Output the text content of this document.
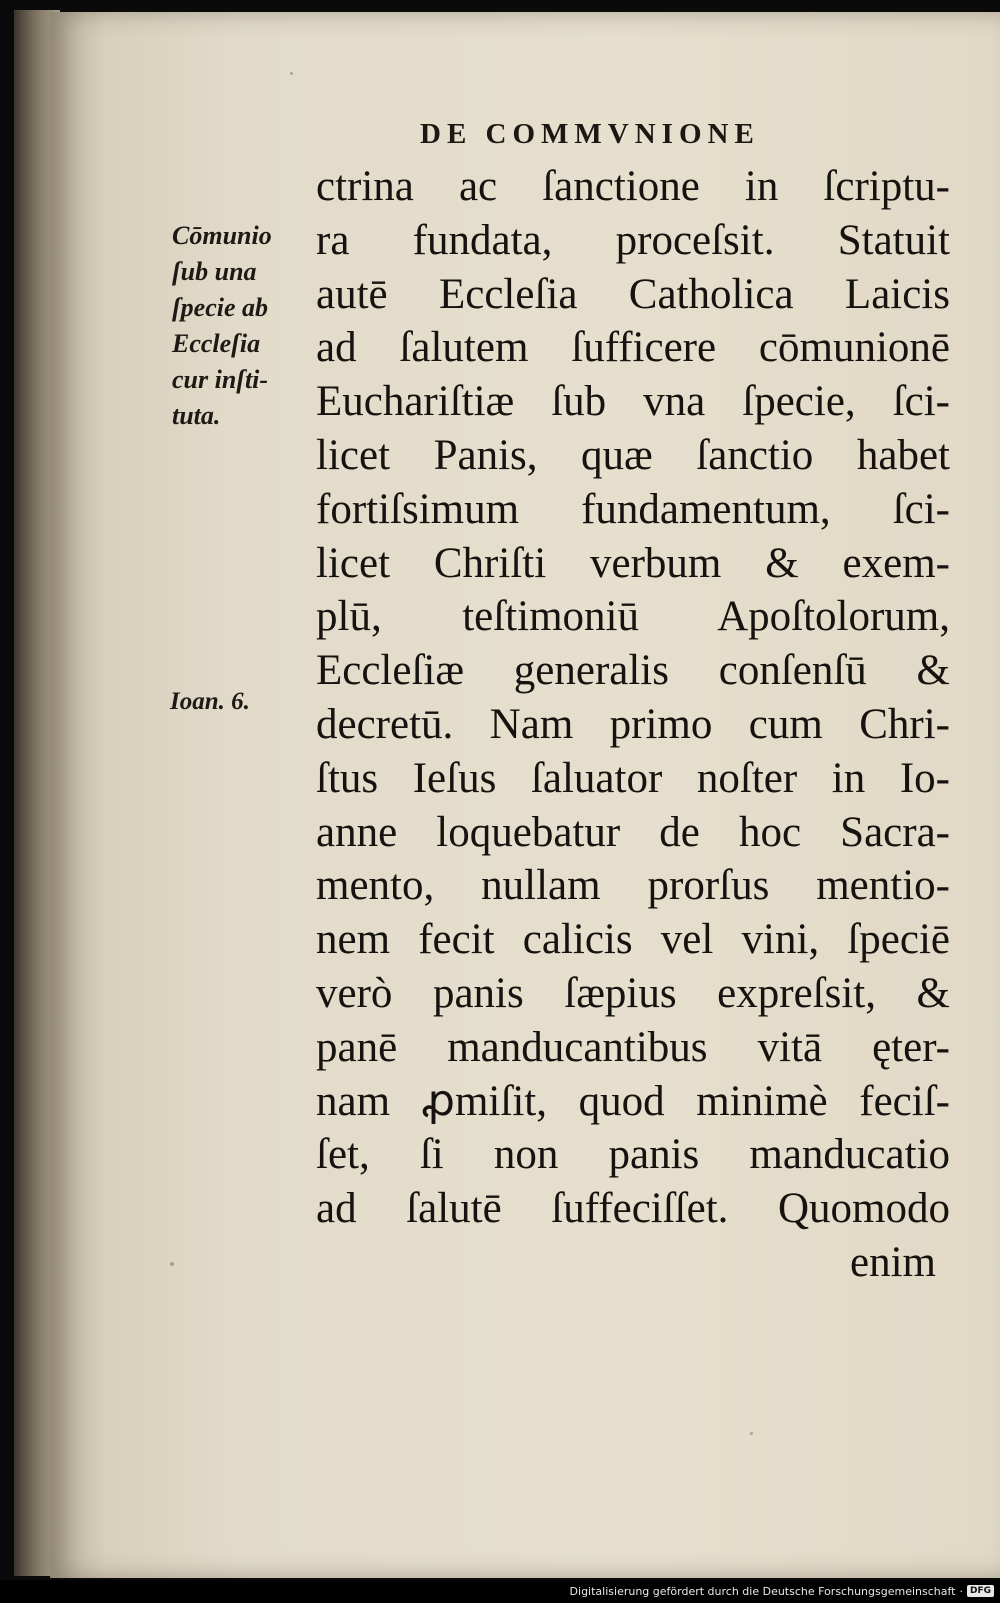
DE COMMVNIONE
Cōmunio
ſub una
ſpecie ab
Eccleſia
cur inſti-
tuta.
Ioan. 6.
ctrina ac ſanctione in ſcriptu-
ra fundata, proceſsit. Statuit
autē Eccleſia Catholica Laicis
ad ſalutem ſufficere cōmunionē
Euchariſtiæ ſub vna ſpecie, ſci-
licet Panis, quæ ſanctio habet
fortiſsimum fundamentum, ſci-
licet Chriſti verbum & exem-
plū, teſtimoniū Apoſtolorum,
Eccleſiæ generalis conſenſū &
decretū. Nam primo cum Chri-
ſtus Ieſus ſaluator noſter in Io-
anne loquebatur de hoc Sacra-
mento, nullam prorſus mentio-
nem fecit calicis vel vini, ſpeciē
verò panis ſæpius expreſsit, &
panē manducantibus vitā ęter-
nam ꝓmiſit, quod minimè feciſ-
ſet, ſi non panis manducatio
ad ſalutē ſuffeciſſet. Quomodo
enim
Digitalisierung gefördert durch die Deutsche Forschungsgemeinschaft · DFG
